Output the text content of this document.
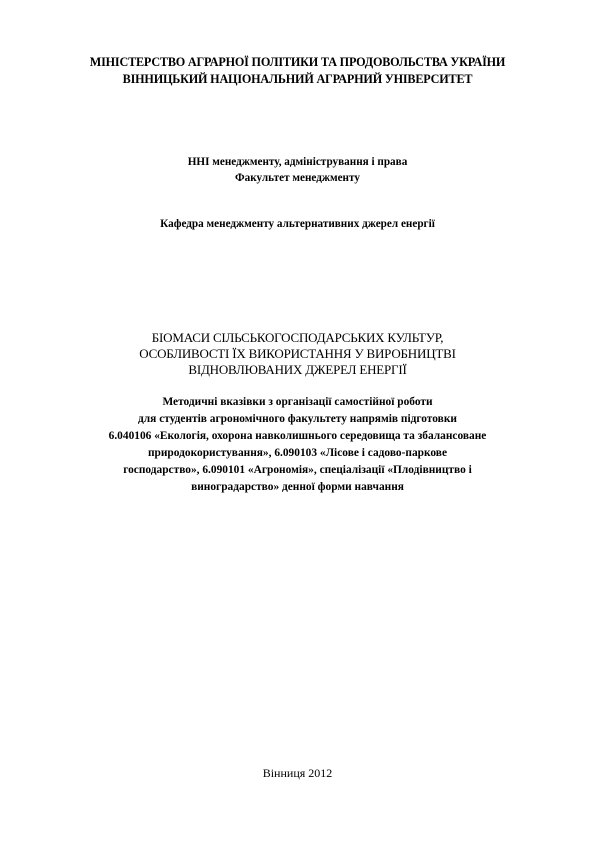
МІНІСТЕРСТВО АГРАРНОЇ ПОЛІТИКИ ТА ПРОДОВОЛЬСТВА УКРАЇНИ
ВІННИЦЬКИЙ НАЦІОНАЛЬНИЙ АГРАРНИЙ УНІВЕРСИТЕТ
ННІ менеджменту, адміністрування і права
Факультет менеджменту
Кафедра менеджменту альтернативних джерел енергії
БІОМАСИ СІЛЬСЬКОГОСПОДАРСЬКИХ КУЛЬТУР,
ОСОБЛИВОСТІ ЇХ ВИКОРИСТАННЯ У ВИРОБНИЦТВІ
ВІДНОВЛЮВАНИХ ДЖЕРЕЛ ЕНЕРГІЇ
Методичні вказівки з організації самостійної роботи
для студентів агрономічного факультету напрямів підготовки
6.040106 «Екологія, охорона навколишнього середовища та збалансоване
природокористування», 6.090103 «Лісове і садово-паркове
господарство», 6.090101 «Агрономія», спеціалізації «Плодівництво і
виноградарство» денної форми навчання
Вінниця 2012
